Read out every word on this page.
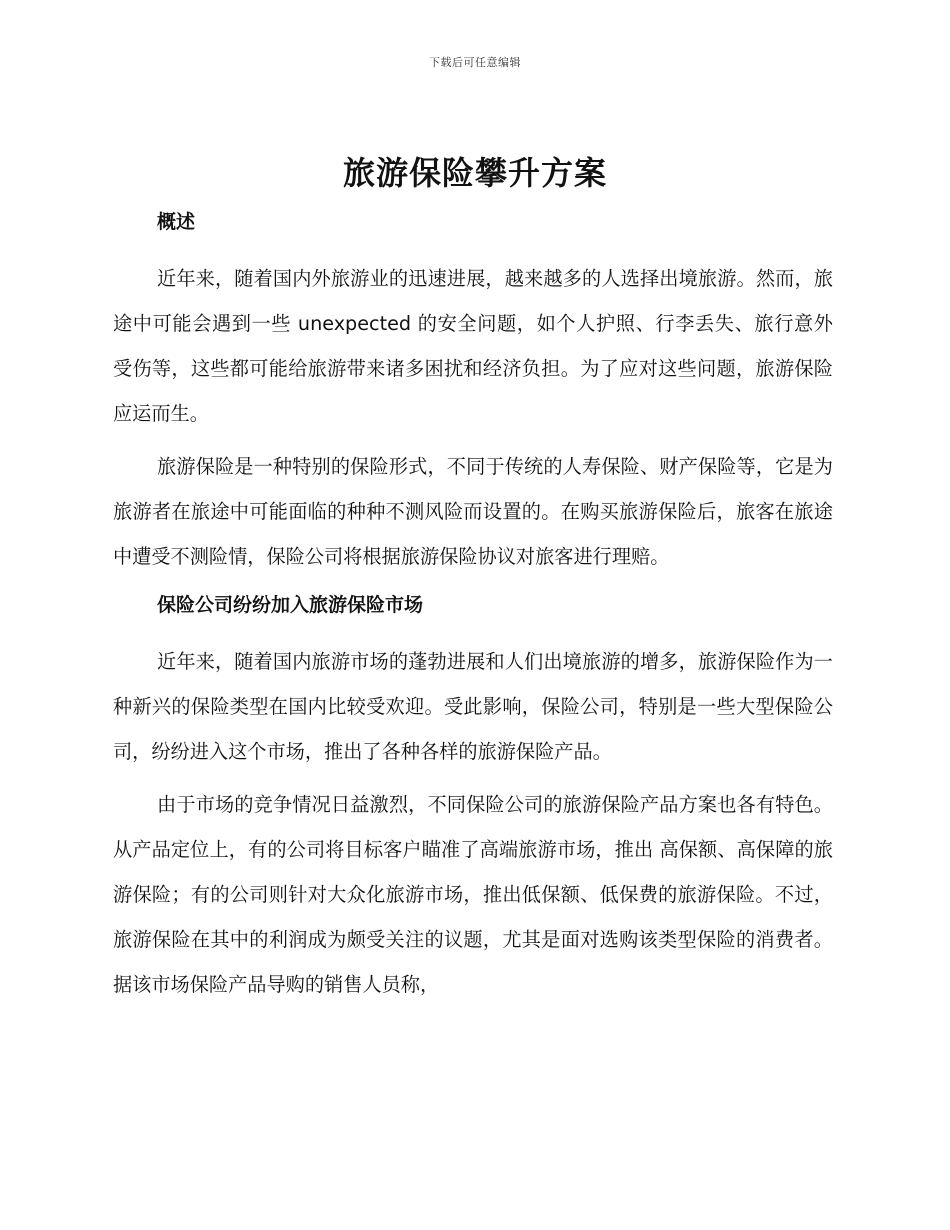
下载后可任意编辑
旅游保险攀升方案
概述

近年来，随着国内外旅游业的迅速进展，越来越多的人选择出境旅游。然而，旅途中可能会遇到一些 unexpected 的安全问题，如个人护照、行李丢失、旅行意外受伤等，这些都可能给旅游带来诸多困扰和经济负担。为了应对这些问题，旅游保险应运而生。

旅游保险是一种特别的保险形式，不同于传统的人寿保险、财产保险等，它是为旅游者在旅途中可能面临的种种不测风险而设置的。在购买旅游保险后，旅客在旅途中遭受不测险情，保险公司将根据旅游保险协议对旅客进行理赔。

保险公司纷纷加入旅游保险市场

近年来，随着国内旅游市场的蓬勃进展和人们出境旅游的增多，旅游保险作为一种新兴的保险类型在国内比较受欢迎。受此影响，保险公司，特别是一些大型保险公司，纷纷进入这个市场，推出了各种各样的旅游保险产品。

由于市场的竞争情况日益激烈，不同保险公司的旅游保险产品方案也各有特色。从产品定位上，有的公司将目标客户瞄准了高端旅游市场，推出 高保额、高保障的旅游保险；有的公司则针对大众化旅游市场，推出低保额、低保费的旅游保险。不过，旅游保险在其中的利润成为颇受关注的议题，尤其是面对选购该类型保险的消费者。据该市场保险产品导购的销售人员称，
